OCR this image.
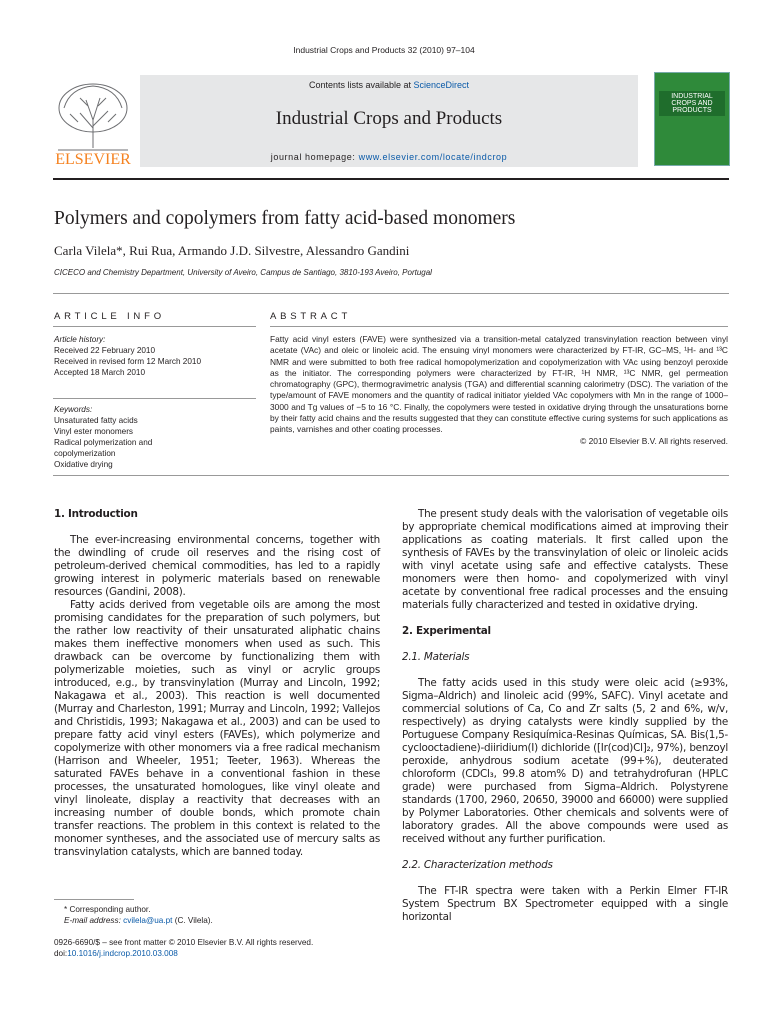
Industrial Crops and Products 32 (2010) 97–104
ELSEVIER
Contents lists available at ScienceDirect
Industrial Crops and Products
journal homepage: www.elsevier.com/locate/indcrop
INDUSTRIAL CROPS AND PRODUCTS
Polymers and copolymers from fatty acid-based monomers
Carla Vilela*, Rui Rua, Armando J.D. Silvestre, Alessandro Gandini
CICECO and Chemistry Department, University of Aveiro, Campus de Santiago, 3810-193 Aveiro, Portugal
ARTICLE INFO	ABSTRACT
Article history:
Received 22 February 2010
Received in revised form 12 March 2010
Accepted 18 March 2010
Keywords:
Unsaturated fatty acids
Vinyl ester monomers
Radical polymerization and
copolymerization
Oxidative drying
Fatty acid vinyl esters (FAVE) were synthesized via a transition-metal catalyzed transvinylation reaction between vinyl acetate (VAc) and oleic or linoleic acid. The ensuing vinyl monomers were characterized by FT-IR, GC–MS, ¹H- and ¹³C NMR and were submitted to both free radical homopolymerization and copolymerization with VAc using benzoyl peroxide as the initiator. The corresponding polymers were characterized by FT-IR, ¹H NMR, ¹³C NMR, gel permeation chromatography (GPC), thermogravimetric analysis (TGA) and differential scanning calorimetry (DSC). The variation of the type/amount of FAVE monomers and the quantity of radical initiator yielded VAc copolymers with Mn in the range of 1000–3000 and Tg values of −5 to 16 °C. Finally, the copolymers were tested in oxidative drying through the unsaturations borne by their fatty acid chains and the results suggested that they can constitute effective curing systems for such applications as paints, varnishes and other coating processes.
© 2010 Elsevier B.V. All rights reserved.

1. Introduction

The ever-increasing environmental concerns, together with the dwindling of crude oil reserves and the rising cost of petroleum-derived chemical commodities, has led to a rapidly growing interest in polymeric materials based on renewable resources (Gandini, 2008).

Fatty acids derived from vegetable oils are among the most promising candidates for the preparation of such polymers, but the rather low reactivity of their unsaturated aliphatic chains makes them ineffective monomers when used as such. This drawback can be overcome by functionalizing them with polymerizable moieties, such as vinyl or acrylic groups introduced, e.g., by transvinylation (Murray and Lincoln, 1992; Nakagawa et al., 2003). This reaction is well documented (Murray and Charleston, 1991; Murray and Lincoln, 1992; Vallejos and Christidis, 1993; Nakagawa et al., 2003) and can be used to prepare fatty acid vinyl esters (FAVEs), which polymerize and copolymerize with other monomers via a free radical mechanism (Harrison and Wheeler, 1951; Teeter, 1963). Whereas the saturated FAVEs behave in a conventional fashion in these processes, the unsaturated homologues, like vinyl oleate and vinyl linoleate, display a reactivity that decreases with an increasing number of double bonds, which promote chain transfer reactions. The problem in this context is related to the monomer syntheses, and the associated use of mercury salts as transvinylation catalysts, which are banned today.

The present study deals with the valorisation of vegetable oils by appropriate chemical modifications aimed at improving their applications as coating materials. It first called upon the synthesis of FAVEs by the transvinylation of oleic or linoleic acids with vinyl acetate using safe and effective catalysts. These monomers were then homo- and copolymerized with vinyl acetate by conventional free radical processes and the ensuing materials fully characterized and tested in oxidative drying.

2. Experimental

2.1. Materials

The fatty acids used in this study were oleic acid (≥93%, Sigma–Aldrich) and linoleic acid (99%, SAFC). Vinyl acetate and commercial solutions of Ca, Co and Zr salts (5, 2 and 6%, w/v, respectively) as drying catalysts were kindly supplied by the Portuguese Company Resiquímica-Resinas Químicas, SA. Bis(1,5-cyclooctadiene)-diiridium(I) dichloride ([Ir(cod)Cl]₂, 97%), benzoyl peroxide, anhydrous sodium acetate (99+%), deuterated chloroform (CDCl₃, 99.8 atom% D) and tetrahydrofuran (HPLC grade) were purchased from Sigma–Aldrich. Polystyrene standards (1700, 2960, 20650, 39000 and 66000) were supplied by Polymer Laboratories. Other chemicals and solvents were of laboratory grades. All the above compounds were used as received without any further purification.

2.2. Characterization methods

The FT-IR spectra were taken with a Perkin Elmer FT-IR System Spectrum BX Spectrometer equipped with a single horizontal

* Corresponding author.
E-mail address: cvilela@ua.pt (C. Vilela).
0926-6690/$ – see front matter © 2010 Elsevier B.V. All rights reserved.
doi:10.1016/j.indcrop.2010.03.008
